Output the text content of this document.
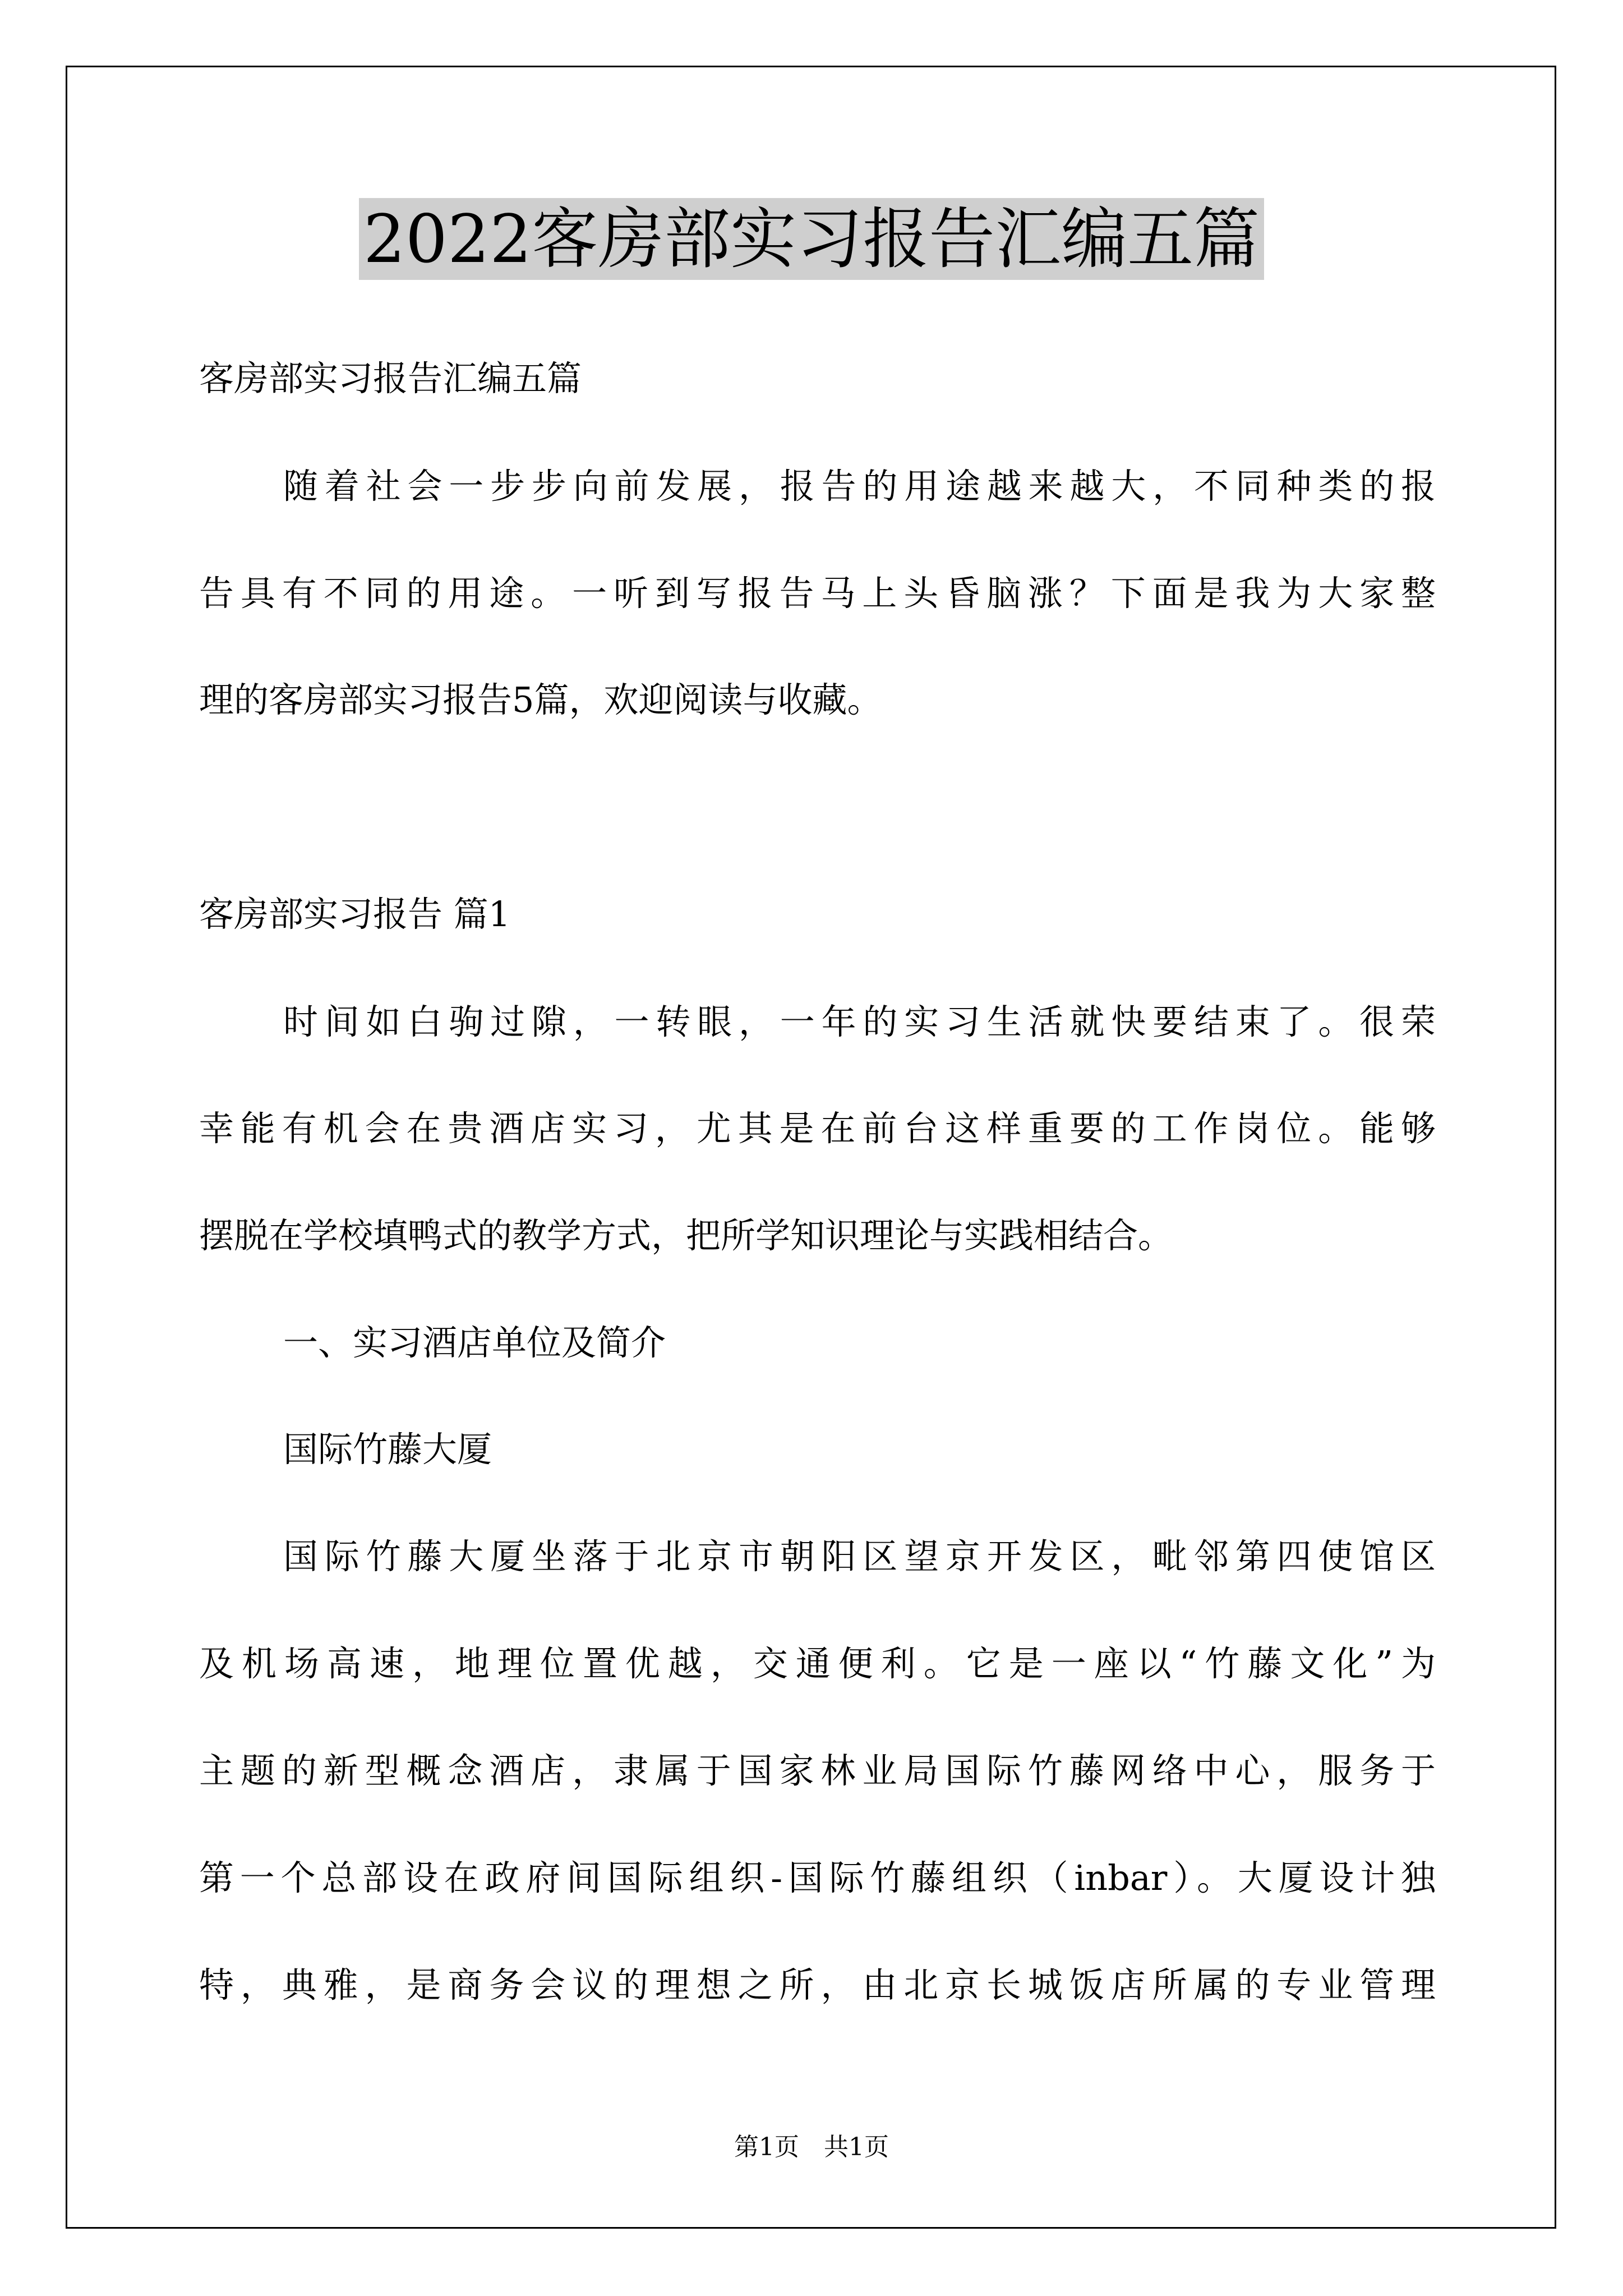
2022客房部实习报告汇编五篇
客房部实习报告汇编五篇
随着社会一步步向前发展，报告的用途越来越大，不同种类的报
告具有不同的用途。一听到写报告马上头昏脑涨？下面是我为大家整
理的客房部实习报告5篇，欢迎阅读与收藏。
客房部实习报告 篇1
时间如白驹过隙，一转眼，一年的实习生活就快要结束了。很荣
幸能有机会在贵酒店实习，尤其是在前台这样重要的工作岗位。能够
摆脱在学校填鸭式的教学方式，把所学知识理论与实践相结合。
一、实习酒店单位及简介
国际竹藤大厦
国际竹藤大厦坐落于北京市朝阳区望京开发区，毗邻第四使馆区
及机场高速，地理位置优越，交通便利。它是一座以“竹藤文化”为
主题的新型概念酒店，隶属于国家林业局国际竹藤网络中心，服务于
第一个总部设在政府间国际组织-国际竹藤组织（inbar）。大厦设计独
特，典雅，是商务会议的理想之所，由北京长城饭店所属的专业管理
第1页 共1页
